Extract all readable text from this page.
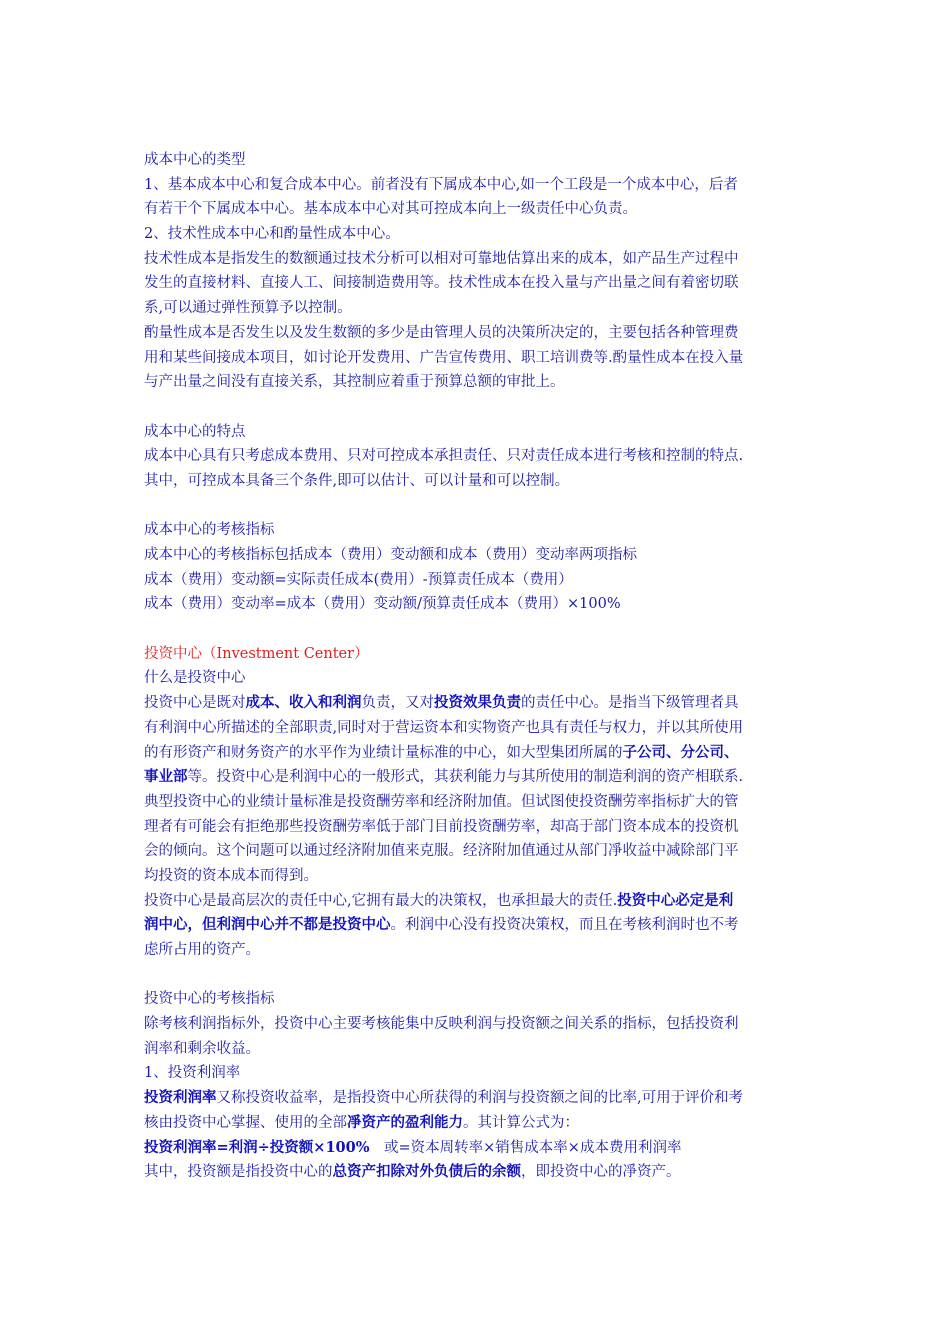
成本中心的类型
1、基本成本中心和复合成本中心。前者没有下属成本中心,如一个工段是一个成本中心，后者
有若干个下属成本中心。基本成本中心对其可控成本向上一级责任中心负责。
2、技术性成本中心和酌量性成本中心。
技术性成本是指发生的数额通过技术分析可以相对可靠地估算出来的成本，如产品生产过程中
发生的直接材料、直接人工、间接制造费用等。技术性成本在投入量与产出量之间有着密切联
系,可以通过弹性预算予以控制。
酌量性成本是否发生以及发生数额的多少是由管理人员的决策所决定的，主要包括各种管理费
用和某些间接成本项目，如讨论开发费用、广告宣传费用、职工培训费等.酌量性成本在投入量
与产出量之间没有直接关系，其控制应着重于预算总额的审批上。
成本中心的特点
成本中心具有只考虑成本费用、只对可控成本承担责任、只对责任成本进行考核和控制的特点.
其中，可控成本具备三个条件,即可以估计、可以计量和可以控制。
成本中心的考核指标
成本中心的考核指标包括成本（费用）变动额和成本（费用）变动率两项指标
成本（费用）变动额=实际责任成本(费用）-预算责任成本（费用）
成本（费用）变动率=成本（费用）变动额/预算责任成本（费用）×100%
投资中心（Investment Center）
什么是投资中心
投资中心是既对成本、收入和利润负责，又对投资效果负责的责任中心。是指当下级管理者具
有利润中心所描述的全部职责,同时对于营运资本和实物资产也具有责任与权力，并以其所使用
的有形资产和财务资产的水平作为业绩计量标准的中心，如大型集团所属的子公司、分公司、
事业部等。投资中心是利润中心的一般形式，其获利能力与其所使用的制造利润的资产相联系.
典型投资中心的业绩计量标准是投资酬劳率和经济附加值。但试图使投资酬劳率指标扩大的管
理者有可能会有拒绝那些投资酬劳率低于部门目前投资酬劳率，却高于部门资本成本的投资机
会的倾向。这个问题可以通过经济附加值来克服。经济附加值通过从部门凈收益中减除部门平
均投资的资本成本而得到。
投资中心是最高层次的责任中心,它拥有最大的决策权，也承担最大的责任.投资中心必定是利
润中心，但利润中心并不都是投资中心。利润中心没有投资决策权，而且在考核利润时也不考
虑所占用的资产。
投资中心的考核指标
除考核利润指标外，投资中心主要考核能集中反映利润与投资额之间关系的指标，包括投资利
润率和剩余收益。
1、投资利润率
投资利润率又称投资收益率，是指投资中心所获得的利润与投资额之间的比率,可用于评价和考
核由投资中心掌握、使用的全部凈资产的盈利能力。其计算公式为：
投资利润率=利润÷投资额×100%　或=资本周转率×销售成本率×成本费用利润率
其中，投资额是指投资中心的总资产扣除对外负债后的余额，即投资中心的凈资产。
